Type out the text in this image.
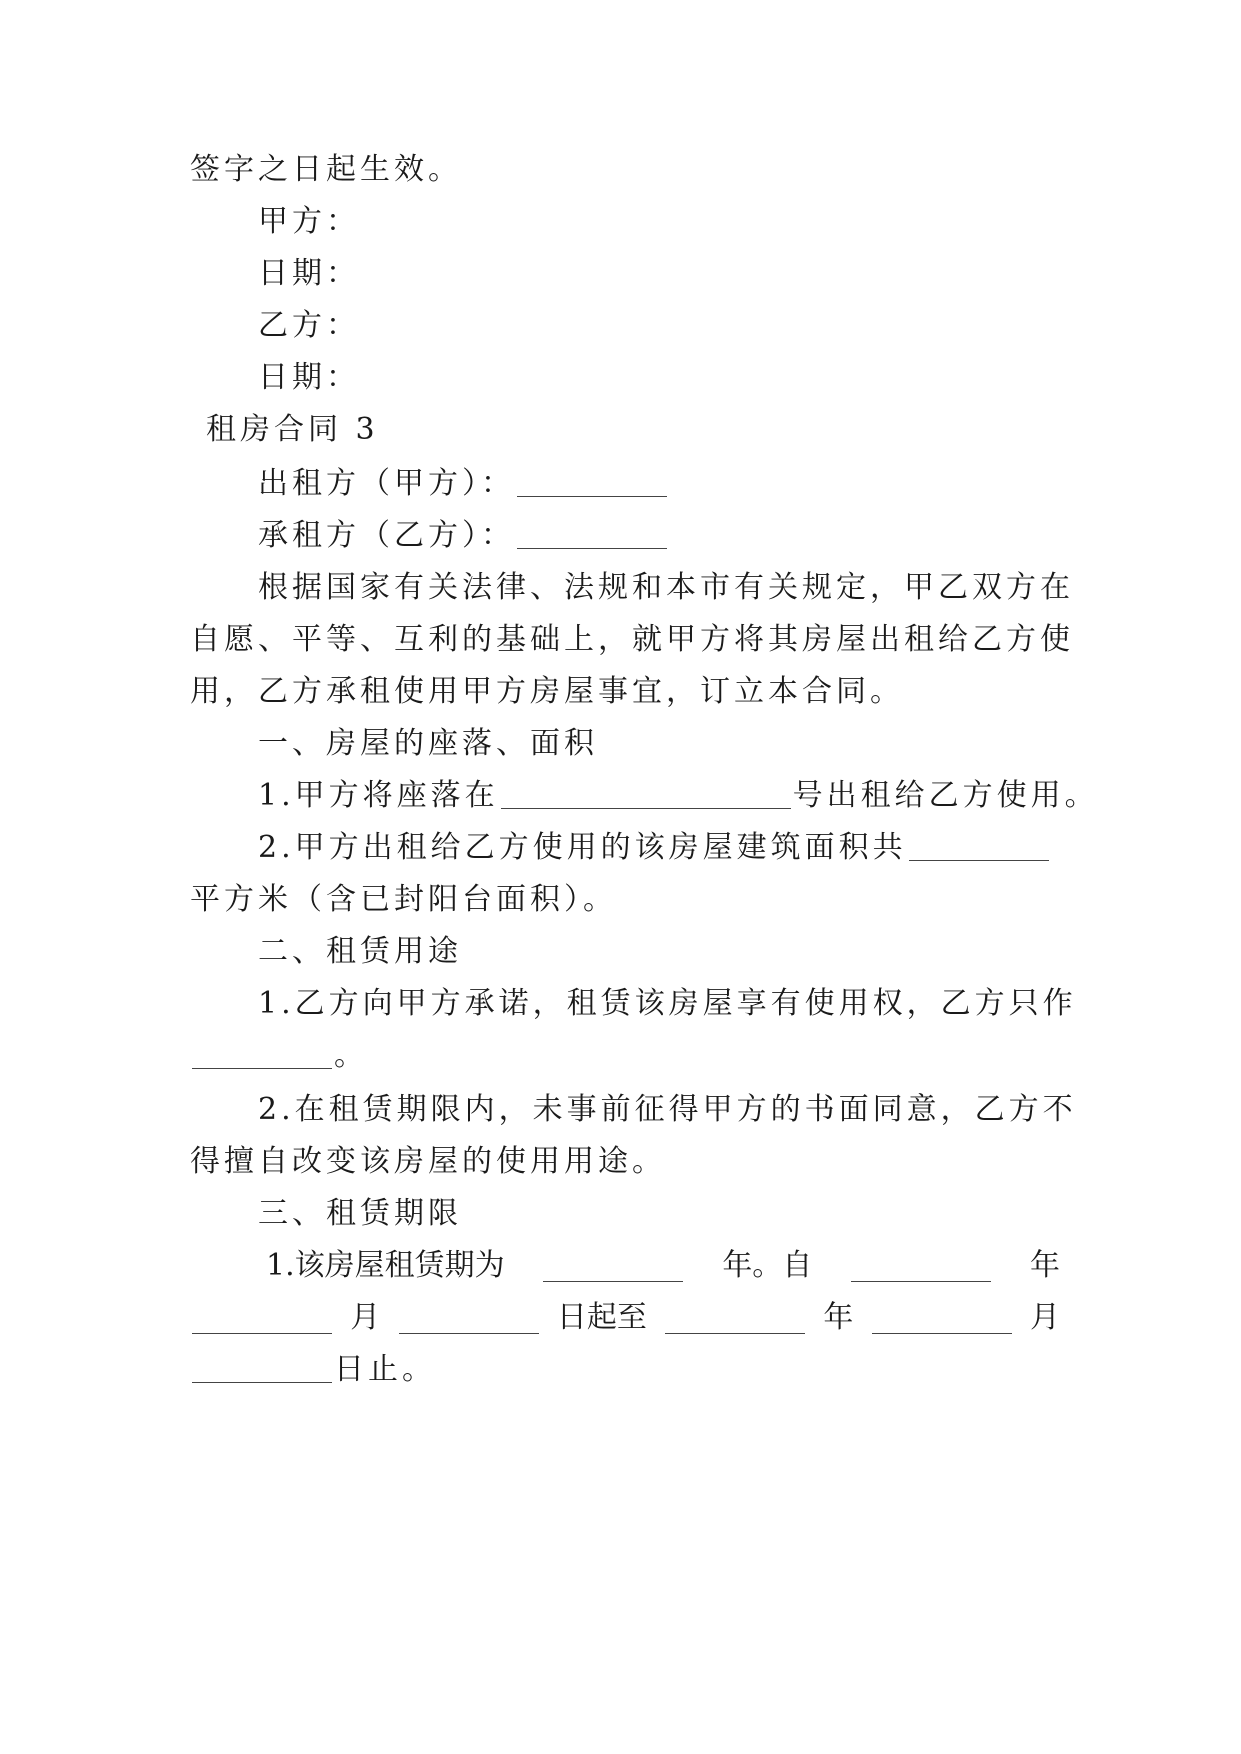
签字之日起生效。
甲方：
日期：
乙方：
日期：
租房合同 3
出租方（甲方）：
承租方（乙方）：
根据国家有关法律、法规和本市有关规定，甲乙双方在
自愿、平等、互利的基础上，就甲方将其房屋出租给乙方使
用，乙方承租使用甲方房屋事宜，订立本合同。
一、房屋的座落、面积
1.甲方将座落在	号出租给乙方使用。
2.甲方出租给乙方使用的该房屋建筑面积共
平方米（含已封阳台面积）。
二、租赁用途
1.乙方向甲方承诺，租赁该房屋享有使用权，乙方只作
。
2.在租赁期限内，未事前征得甲方的书面同意，乙方不
得擅自改变该房屋的使用用途。
三、租赁期限
1.该房屋租赁期为	年。自	年
月	日起至	年	月
日止。
